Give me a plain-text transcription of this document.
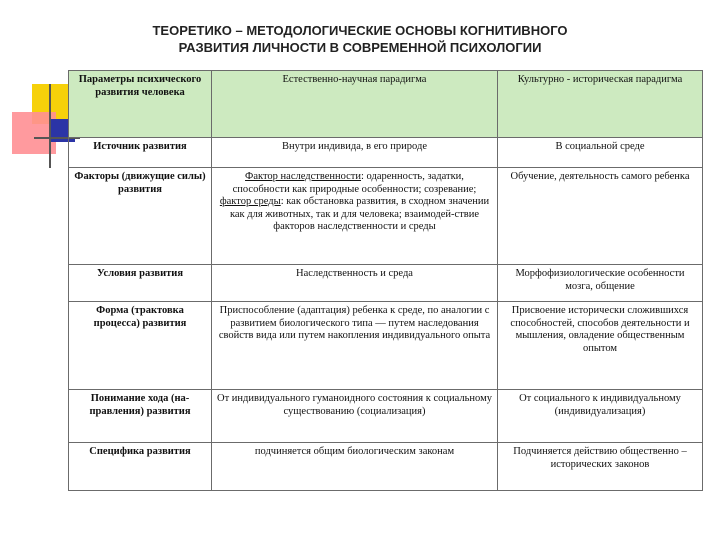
ТЕОРЕТИКО – МЕТОДОЛОГИЧЕСКИЕ ОСНОВЫ КОГНИТИВНОГО
РАЗВИТИЯ ЛИЧНОСТИ В СОВРЕМЕННОЙ ПСИХОЛОГИИ
Параметры психического развития человека	Естественно-научная парадигма	Культурно - историческая парадигма
Источник развития	Внутри индивида, в его природе	В социальной среде
Факторы (движущие силы) развития	Фактор наследственности: одаренность, задатки, способности как природные особенности; созревание; фактор среды: как обстановка развития, в сходном значении как для животных, так и для человека; взаимодей-ствие факторов наследственности и среды	Обучение, деятельность самого ребенка
Условия развития	Наследственность и среда	Морфофизиологические особенности мозга, общение
Форма (трактовка процесса) развития	Приспособление (адаптация) ребенка к среде, по аналогии с развитием биологического типа — путем наследования свойств вида или путем накопления индивидуального опыта	Присвоение исторически сложившихся способностей, способов деятельности и мышления, овладение общественным опытом
Понимание хода (на-правления) развития	От индивидуального гуманоидного состояния к социальному существованию (социализация)	От социального к индивидуальному (индивидуализация)
Специфика развития	подчиняется общим биологическим законам	Подчиняется действию общественно – исторических законов
